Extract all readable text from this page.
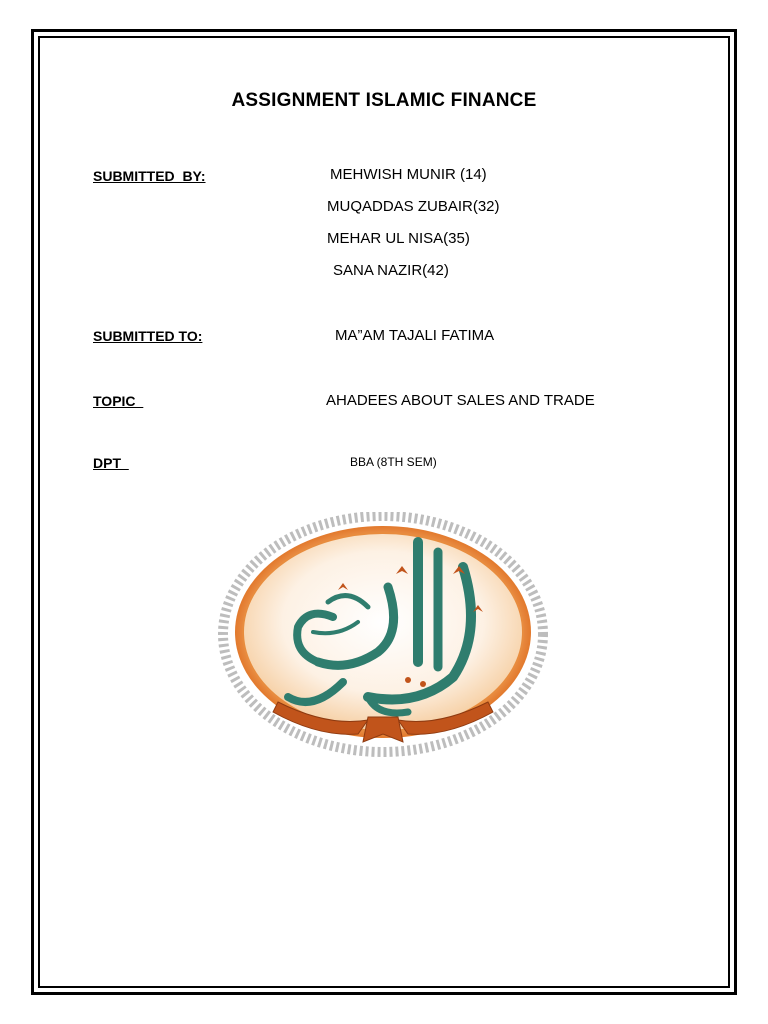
ASSIGNMENT ISLAMIC FINANCE
SUBMITTED  BY:	MEHWISH MUNIR (14)
MUQADDAS ZUBAIR(32)
MEHAR UL NISA(35)
SANA NAZIR(42)
SUBMITTED TO:	MA”AM TAJALI FATIMA
TOPIC	AHADEES ABOUT SALES AND TRADE
DPT	BBA (8TH SEM)
